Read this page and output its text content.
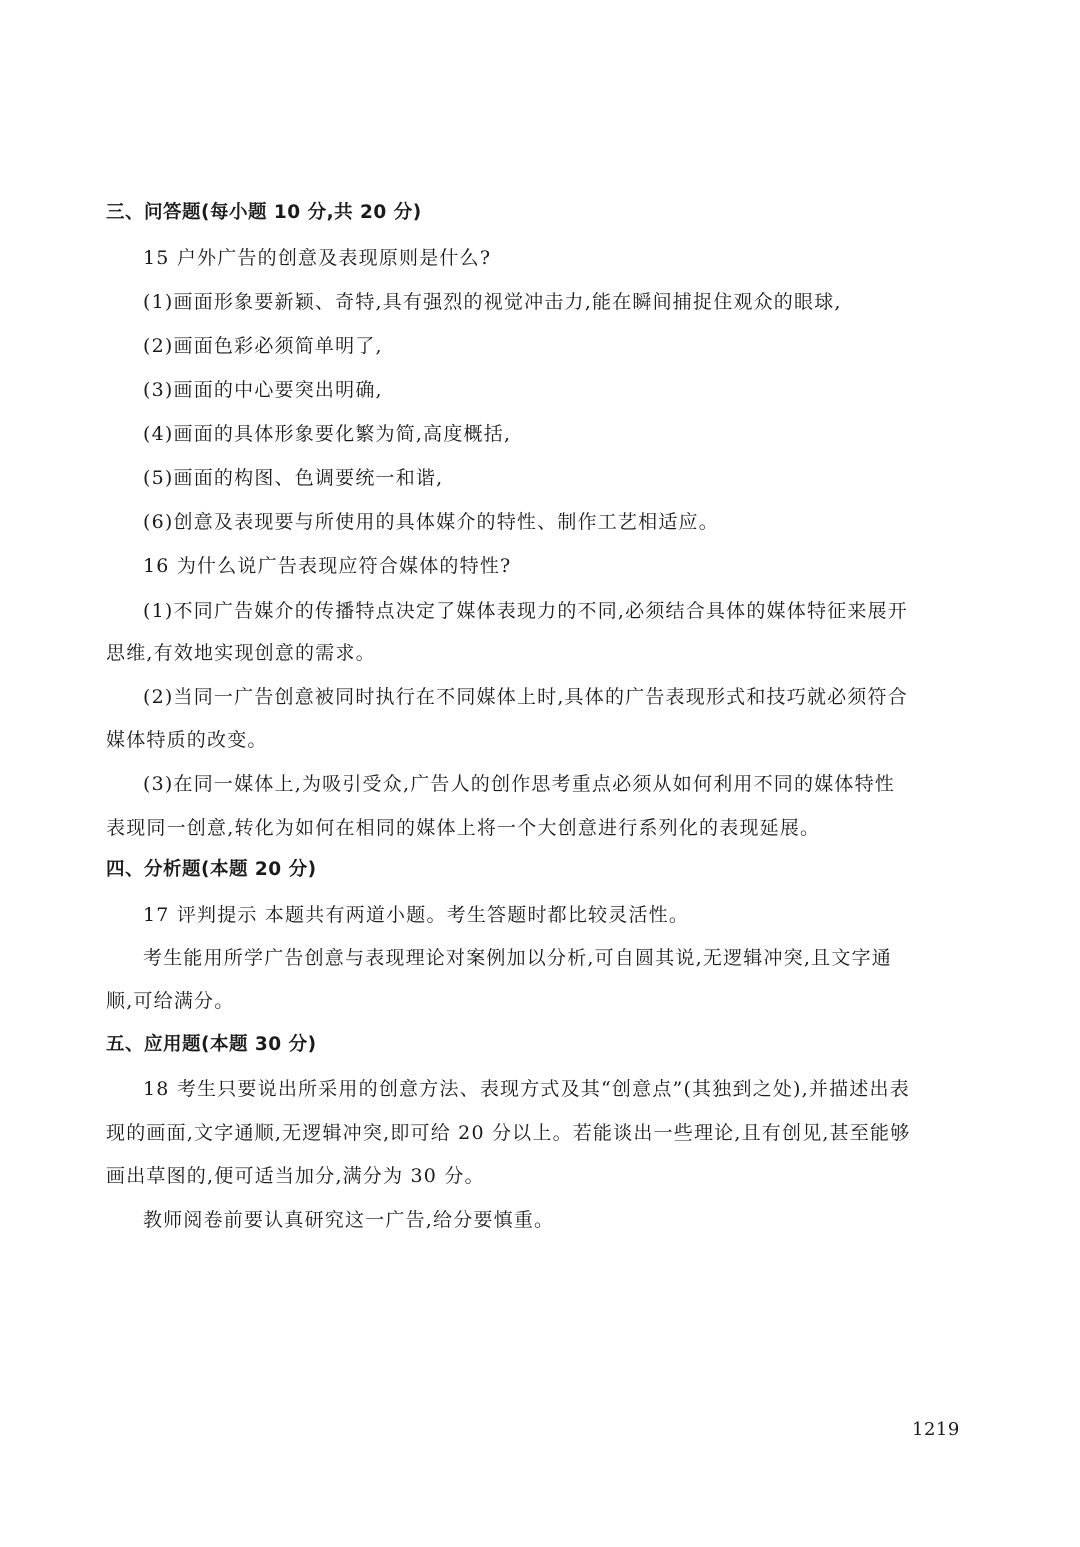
三、问答题(每小题 10 分,共 20 分)
15 户外广告的创意及表现原则是什么?
(1)画面形象要新颖、奇特,具有强烈的视觉冲击力,能在瞬间捕捉住观众的眼球,
(2)画面色彩必须简单明了,
(3)画面的中心要突出明确,
(4)画面的具体形象要化繁为简,高度概括,
(5)画面的构图、色调要统一和谐,
(6)创意及表现要与所使用的具体媒介的特性、制作工艺相适应。
16 为什么说广告表现应符合媒体的特性?
(1)不同广告媒介的传播特点决定了媒体表现力的不同,必须结合具体的媒体特征来展开
思维,有效地实现创意的需求。
(2)当同一广告创意被同时执行在不同媒体上时,具体的广告表现形式和技巧就必须符合
媒体特质的改变。
(3)在同一媒体上,为吸引受众,广告人的创作思考重点必须从如何利用不同的媒体特性
表现同一创意,转化为如何在相同的媒体上将一个大创意进行系列化的表现延展。
四、分析题(本题 20 分)
17 评判提示 本题共有两道小题。考生答题时都比较灵活性。
考生能用所学广告创意与表现理论对案例加以分析,可自圆其说,无逻辑冲突,且文字通
顺,可给满分。
五、应用题(本题 30 分)
18 考生只要说出所采用的创意方法、表现方式及其“创意点”(其独到之处),并描述出表
现的画面,文字通顺,无逻辑冲突,即可给 20 分以上。若能谈出一些理论,且有创见,甚至能够
画出草图的,便可适当加分,满分为 30 分。
教师阅卷前要认真研究这一广告,给分要慎重。
1219
